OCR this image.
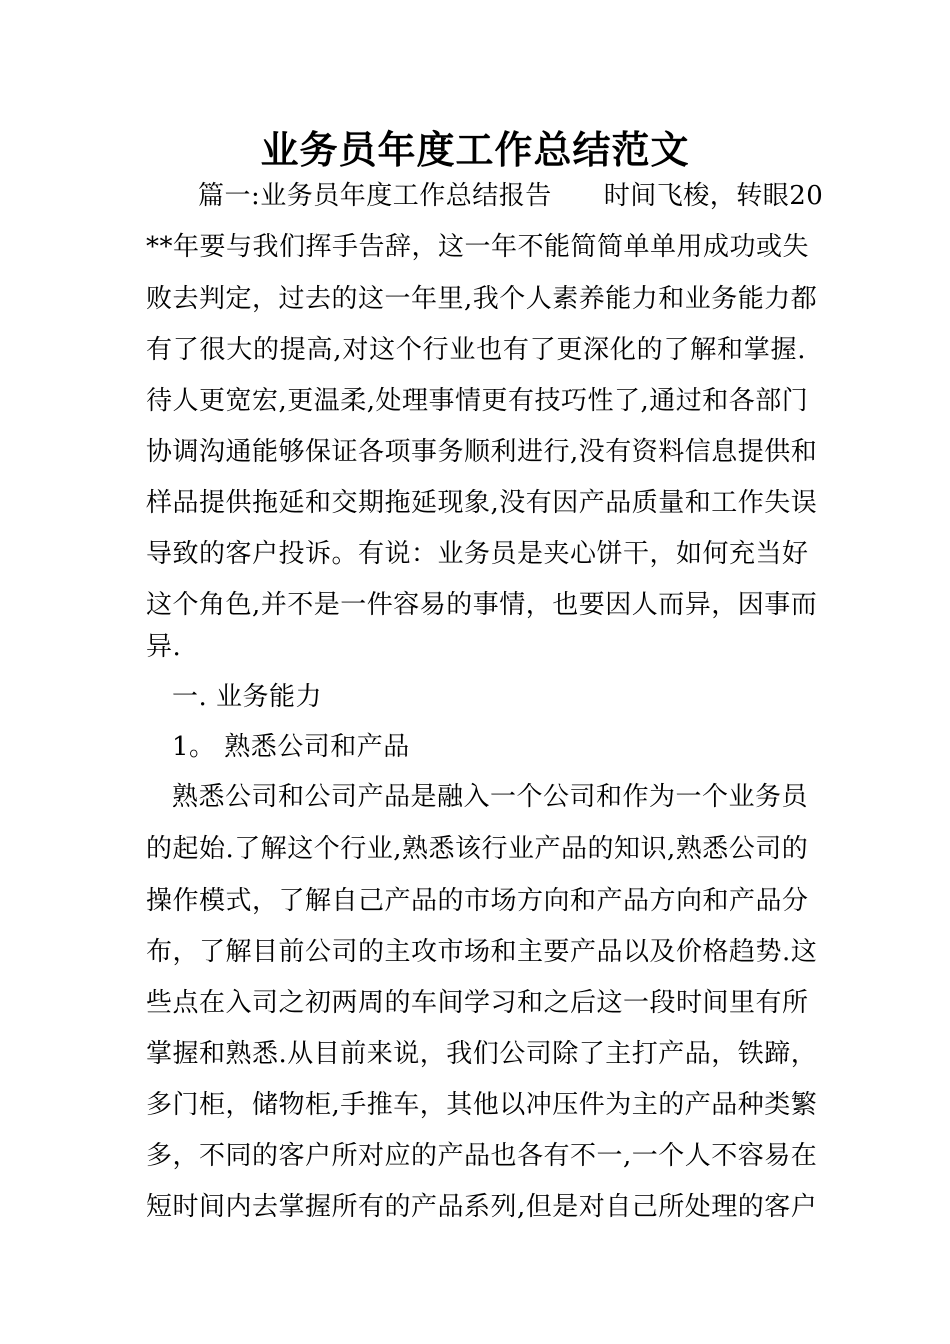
业务员年度工作总结范文
篇一:业务员年度工作总结报告 时间飞梭，转眼20
**年要与我们挥手告辞，这一年不能简简单单用成功或失
败去判定，过去的这一年里,我个人素养能力和业务能力都
有了很大的提高,对这个行业也有了更深化的了解和掌握.
待人更宽宏,更温柔,处理事情更有技巧性了,通过和各部门
协调沟通能够保证各项事务顺利进行,没有资料信息提供和
样品提供拖延和交期拖延现象,没有因产品质量和工作失误
导致的客户投诉。有说：业务员是夹心饼干，如何充当好
这个角色,并不是一件容易的事情，也要因人而异，因事而
异.
一. 业务能力
1。 熟悉公司和产品
熟悉公司和公司产品是融入一个公司和作为一个业务员
的起始.了解这个行业,熟悉该行业产品的知识,熟悉公司的
操作模式，了解自己产品的市场方向和产品方向和产品分
布，了解目前公司的主攻市场和主要产品以及价格趋势.这
些点在入司之初两周的车间学习和之后这一段时间里有所
掌握和熟悉.从目前来说，我们公司除了主打产品，铁蹄，
多门柜，储物柜,手推车，其他以冲压件为主的产品种类繁
多，不同的客户所对应的产品也各有不一,一个人不容易在
短时间内去掌握所有的产品系列,但是对自己所处理的客户
